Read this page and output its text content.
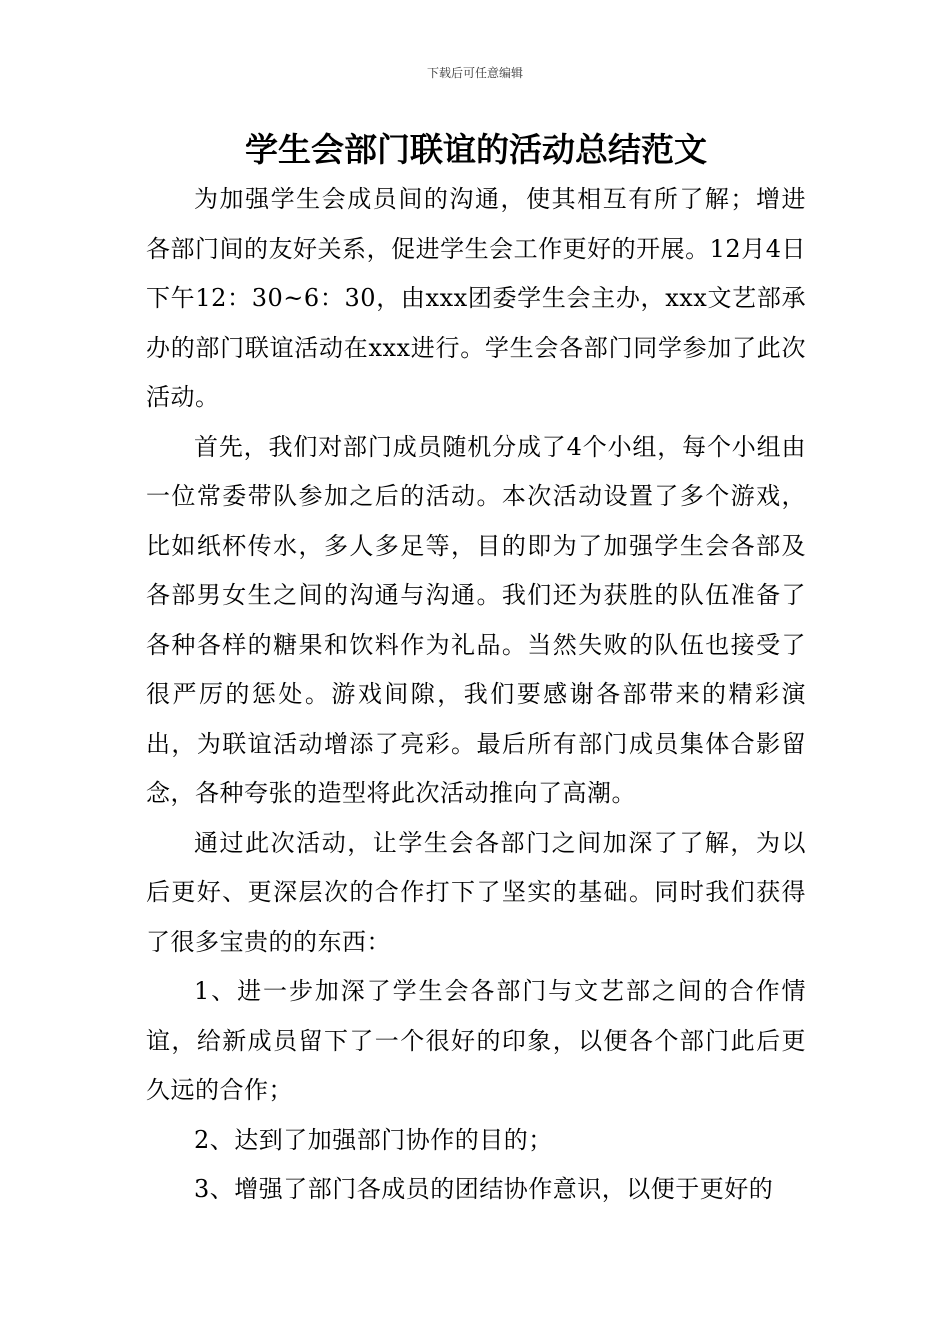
下载后可任意编辑
学生会部门联谊的活动总结范文

为加强学生会成员间的沟通，使其相互有所了解；增进各部门间的友好关系，促进学生会工作更好的开展。12月4日下午12：30~6：30，由xxx团委学生会主办，xxx文艺部承办的部门联谊活动在xxx进行。学生会各部门同学参加了此次活动。

首先，我们对部门成员随机分成了4个小组，每个小组由一位常委带队参加之后的活动。本次活动设置了多个游戏，比如纸杯传水，多人多足等，目的即为了加强学生会各部及各部男女生之间的沟通与沟通。我们还为获胜的队伍准备了各种各样的糖果和饮料作为礼品。当然失败的队伍也接受了很严厉的惩处。游戏间隙，我们要感谢各部带来的精彩演出，为联谊活动增添了亮彩。最后所有部门成员集体合影留念，各种夸张的造型将此次活动推向了高潮。

通过此次活动，让学生会各部门之间加深了了解，为以后更好、更深层次的合作打下了坚实的基础。同时我们获得了很多宝贵的的东西：

1、进一步加深了学生会各部门与文艺部之间的合作情谊，给新成员留下了一个很好的印象，以便各个部门此后更久远的合作；

2、达到了加强部门协作的目的；

3、增强了部门各成员的团结协作意识，以便于更好的
